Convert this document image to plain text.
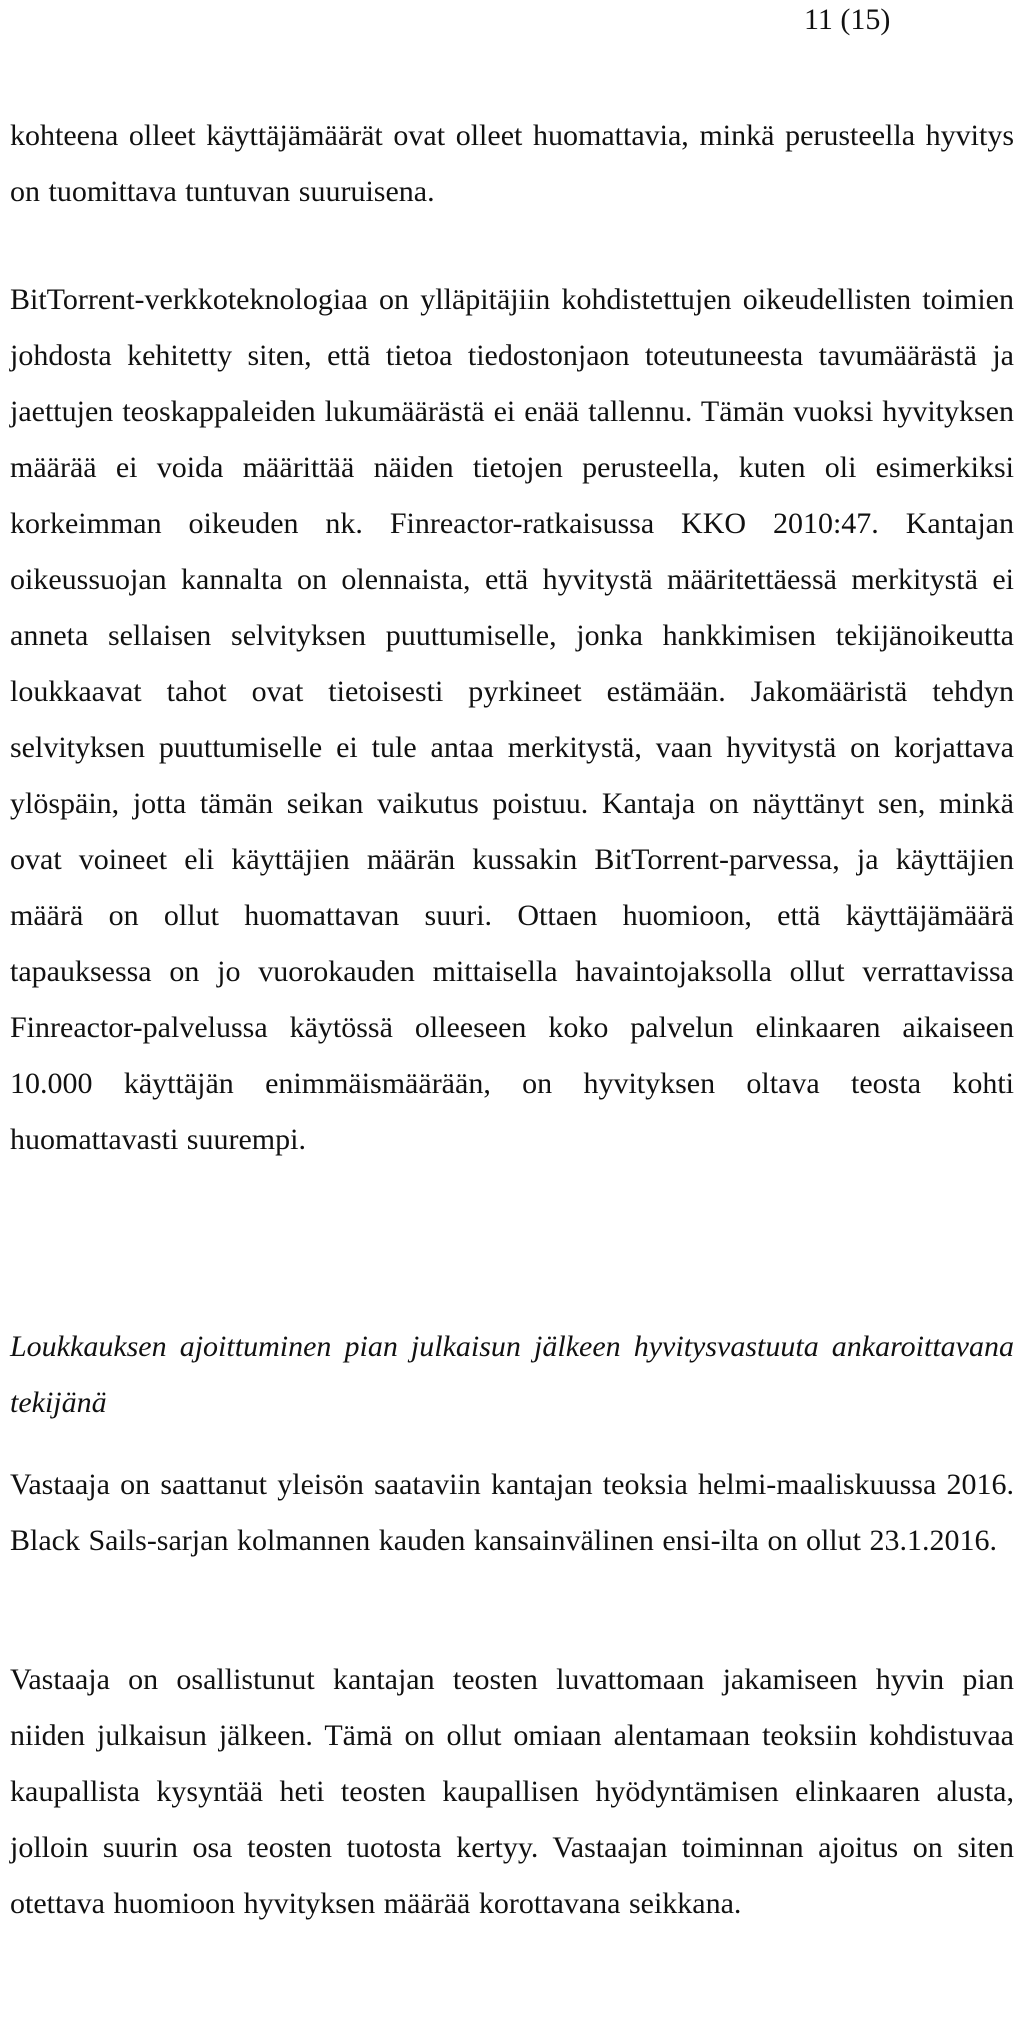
11 (15)

kohteena olleet käyttäjämäärät ovat olleet huomattavia, minkä perusteella hyvitys on tuomittava tuntuvan suuruisena.

BitTorrent-verkkoteknologiaa on ylläpitäjiin kohdistettujen oikeudellisten toimien johdosta kehitetty siten, että tietoa tiedostonjaon toteutuneesta tavumäärästä ja jaettujen teoskappaleiden lukumäärästä ei enää tallennu. Tämän vuoksi hyvityksen määrää ei voida määrittää näiden tietojen perusteella, kuten oli esimerkiksi korkeimman oikeuden nk. Finreactor-ratkaisussa KKO 2010:47. Kantajan oikeussuojan kannalta on olennaista, että hyvitystä määritettäessä merkitystä ei anneta sellaisen selvityksen puuttumiselle, jonka hankkimisen tekijänoikeutta loukkaavat tahot ovat tietoisesti pyrkineet estämään. Jakomääristä tehdyn selvityksen puuttumiselle ei tule antaa merkitystä, vaan hyvitystä on korjattava ylöspäin, jotta tämän seikan vaikutus poistuu. Kantaja on näyttänyt sen, minkä ovat voineet eli käyttäjien määrän kussakin BitTorrent-parvessa, ja käyttäjien määrä on ollut huomattavan suuri. Ottaen huomioon, että käyttäjämäärä tapauksessa on jo vuorokauden mittaisella havaintojaksolla ollut verrattavissa Finreactor-palvelussa käytössä olleeseen koko palvelun elinkaaren aikaiseen 10.000 käyttäjän enimmäismäärään, on hyvityksen oltava teosta kohti huomattavasti suurempi.

Loukkauksen ajoittuminen pian julkaisun jälkeen hyvitysvastuuta ankaroittavana tekijänä

Vastaaja on saattanut yleisön saataviin kantajan teoksia helmi-maaliskuussa 2016. Black Sails-sarjan kolmannen kauden kansainvälinen ensi-ilta on ollut 23.1.2016.

Vastaaja on osallistunut kantajan teosten luvattomaan jakamiseen hyvin pian niiden julkaisun jälkeen. Tämä on ollut omiaan alentamaan teoksiin kohdistuvaa kaupallista kysyntää heti teosten kaupallisen hyödyntämisen elinkaaren alusta, jolloin suurin osa teosten tuotosta kertyy. Vastaajan toiminnan ajoitus on siten otettava huomioon hyvityksen määrää korottavana seikkana.
